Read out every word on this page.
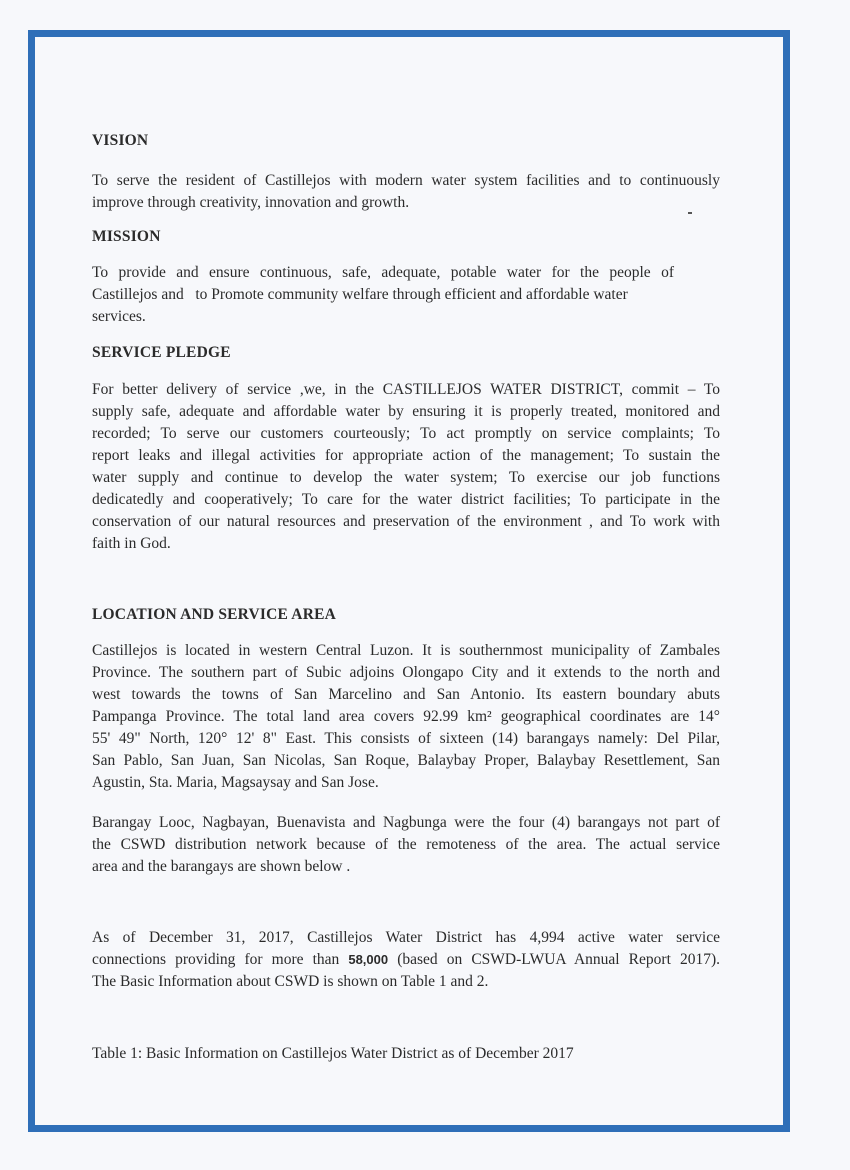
VISION
To serve the resident of Castillejos with modern water system facilities and to continuously
improve through creativity, innovation and growth.
MISSION
To provide and ensure continuous, safe, adequate, potable water for the people of
Castillejos and   to Promote community welfare through efficient and affordable water
services.
SERVICE PLEDGE
For better delivery of service ,we, in the CASTILLEJOS WATER DISTRICT, commit – To
supply safe, adequate and affordable water by ensuring it is properly treated, monitored and
recorded; To serve our customers courteously; To act promptly on service complaints; To
report leaks and illegal activities for appropriate action of the management; To sustain the
water supply and continue to develop the water system; To exercise our job functions
dedicatedly and cooperatively; To care for the water district facilities; To participate in the
conservation of our natural resources and preservation of the environment , and To work with
faith in God.
LOCATION AND SERVICE AREA
Castillejos is located in western Central Luzon. It is southernmost municipality of Zambales
Province. The southern part of Subic adjoins Olongapo City and it extends to the north and
west towards the towns of San Marcelino and San Antonio. Its eastern boundary abuts
Pampanga Province. The total land area covers 92.99 km² geographical coordinates are 14°
55' 49" North, 120° 12' 8" East. This consists of sixteen (14) barangays namely: Del Pilar,
San Pablo, San Juan, San Nicolas, San Roque, Balaybay Proper, Balaybay Resettlement, San
Agustin, Sta. Maria, Magsaysay and San Jose.
Barangay Looc, Nagbayan, Buenavista and Nagbunga were the four (4) barangays not part of
the CSWD distribution network because of the remoteness of the area. The actual service
area and the barangays are shown below .
As of December 31, 2017, Castillejos Water District has 4,994 active water service
connections providing for more than 58,000 (based on CSWD-LWUA Annual Report 2017).
The Basic Information about CSWD is shown on Table 1 and 2.
Table 1: Basic Information on Castillejos Water District as of December 2017
